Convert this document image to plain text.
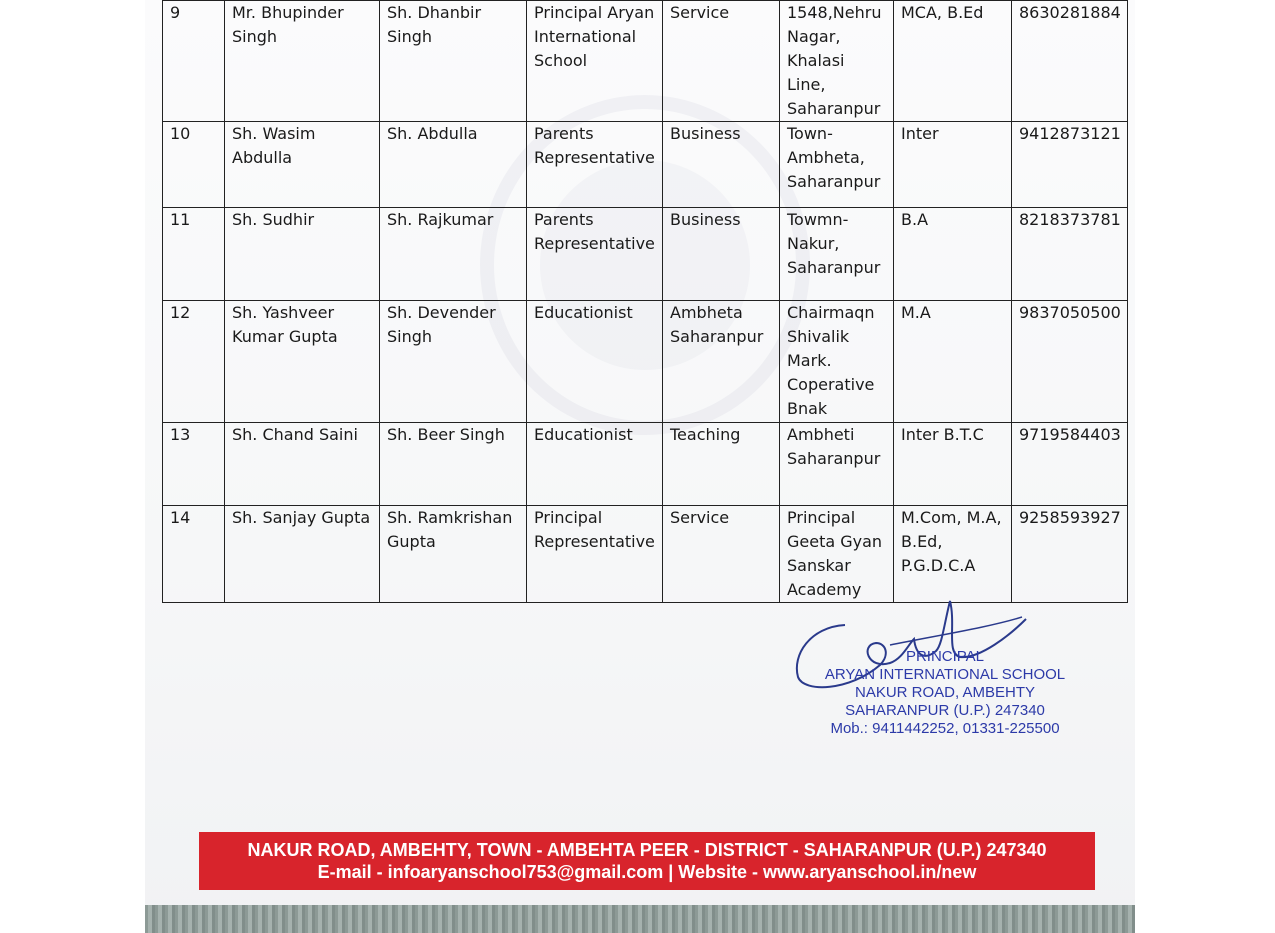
9	Mr. Bhupinder Singh	Sh. Dhanbir Singh	Principal Aryan International School	Service	1548,Nehru Nagar, Khalasi Line, Saharanpur	MCA, B.Ed	8630281884
10	Sh. Wasim Abdulla	Sh. Abdulla	Parents Representative	Business	Town- Ambheta, Saharanpur	Inter	9412873121
11	Sh. Sudhir	Sh. Rajkumar	Parents Representative	Business	Towmn- Nakur, Saharanpur	B.A	8218373781
12	Sh. Yashveer Kumar Gupta	Sh. Devender Singh	Educationist	Ambheta Saharanpur	Chairmaqn Shivalik Mark. Coperative Bnak	M.A	9837050500
13	Sh. Chand Saini	Sh. Beer Singh	Educationist	Teaching	Ambheti Saharanpur	Inter B.T.C	9719584403
14	Sh. Sanjay Gupta	Sh. Ramkrishan Gupta	Principal Representative	Service	Principal Geeta Gyan Sanskar Academy	M.Com, M.A, B.Ed, P.G.D.C.A	9258593927
PRINCIPAL
ARYAN INTERNATIONAL SCHOOL
NAKUR ROAD, AMBEHTY
SAHARANPUR (U.P.) 247340
Mob.: 9411442252, 01331-225500
NAKUR ROAD, AMBEHTY, TOWN - AMBEHTA PEER - DISTRICT - SAHARANPUR (U.P.) 247340
E-mail - infoaryanschool753@gmail.com | Website - www.aryanschool.in/new
